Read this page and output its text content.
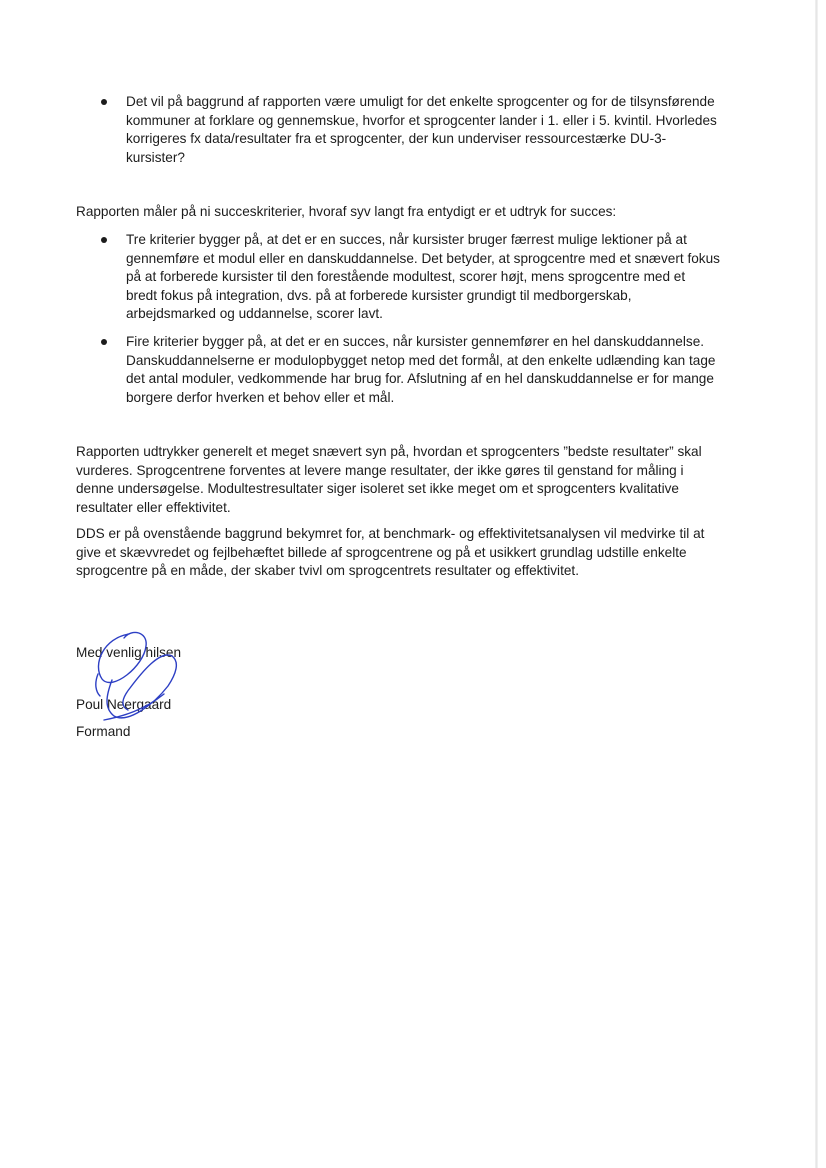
Det vil på baggrund af rapporten være umuligt for det enkelte sprogcenter og for de tilsynsførende
kommuner at forklare og gennemskue, hvorfor et sprogcenter lander i 1. eller i 5. kvintil. Hvorledes
korrigeres fx data/resultater fra et sprogcenter, der kun underviser ressourcestærke DU-3-
kursister?
Rapporten måler på ni succeskriterier, hvoraf syv langt fra entydigt er et udtryk for succes:
Tre kriterier bygger på, at det er en succes, når kursister bruger færrest mulige lektioner på at
gennemføre et modul eller en danskuddannelse. Det betyder, at sprogcentre med et snævert fokus
på at forberede kursister til den forestående modultest, scorer højt, mens sprogcentre med et
bredt fokus på integration, dvs. på at forberede kursister grundigt til medborgerskab,
arbejdsmarked og uddannelse, scorer lavt.
Fire kriterier bygger på, at det er en succes, når kursister gennemfører en hel danskuddannelse.
Danskuddannelserne er modulopbygget netop med det formål, at den enkelte udlænding kan tage
det antal moduler, vedkommende har brug for. Afslutning af en hel danskuddannelse er for mange
borgere derfor hverken et behov eller et mål.
Rapporten udtrykker generelt et meget snævert syn på, hvordan et sprogcenters ”bedste resultater” skal
vurderes. Sprogcentrene forventes at levere mange resultater, der ikke gøres til genstand for måling i
denne undersøgelse. Modultestresultater siger isoleret set ikke meget om et sprogcenters kvalitative
resultater eller effektivitet.
DDS er på ovenstående baggrund bekymret for, at benchmark- og effektivitetsanalysen vil medvirke til at
give et skævvredet og fejlbehæftet billede af sprogcentrene og på et usikkert grundlag udstille enkelte
sprogcentre på en måde, der skaber tvivl om sprogcentrets resultater og effektivitet.
Med venlig hilsen
Poul Neergaard
Formand
